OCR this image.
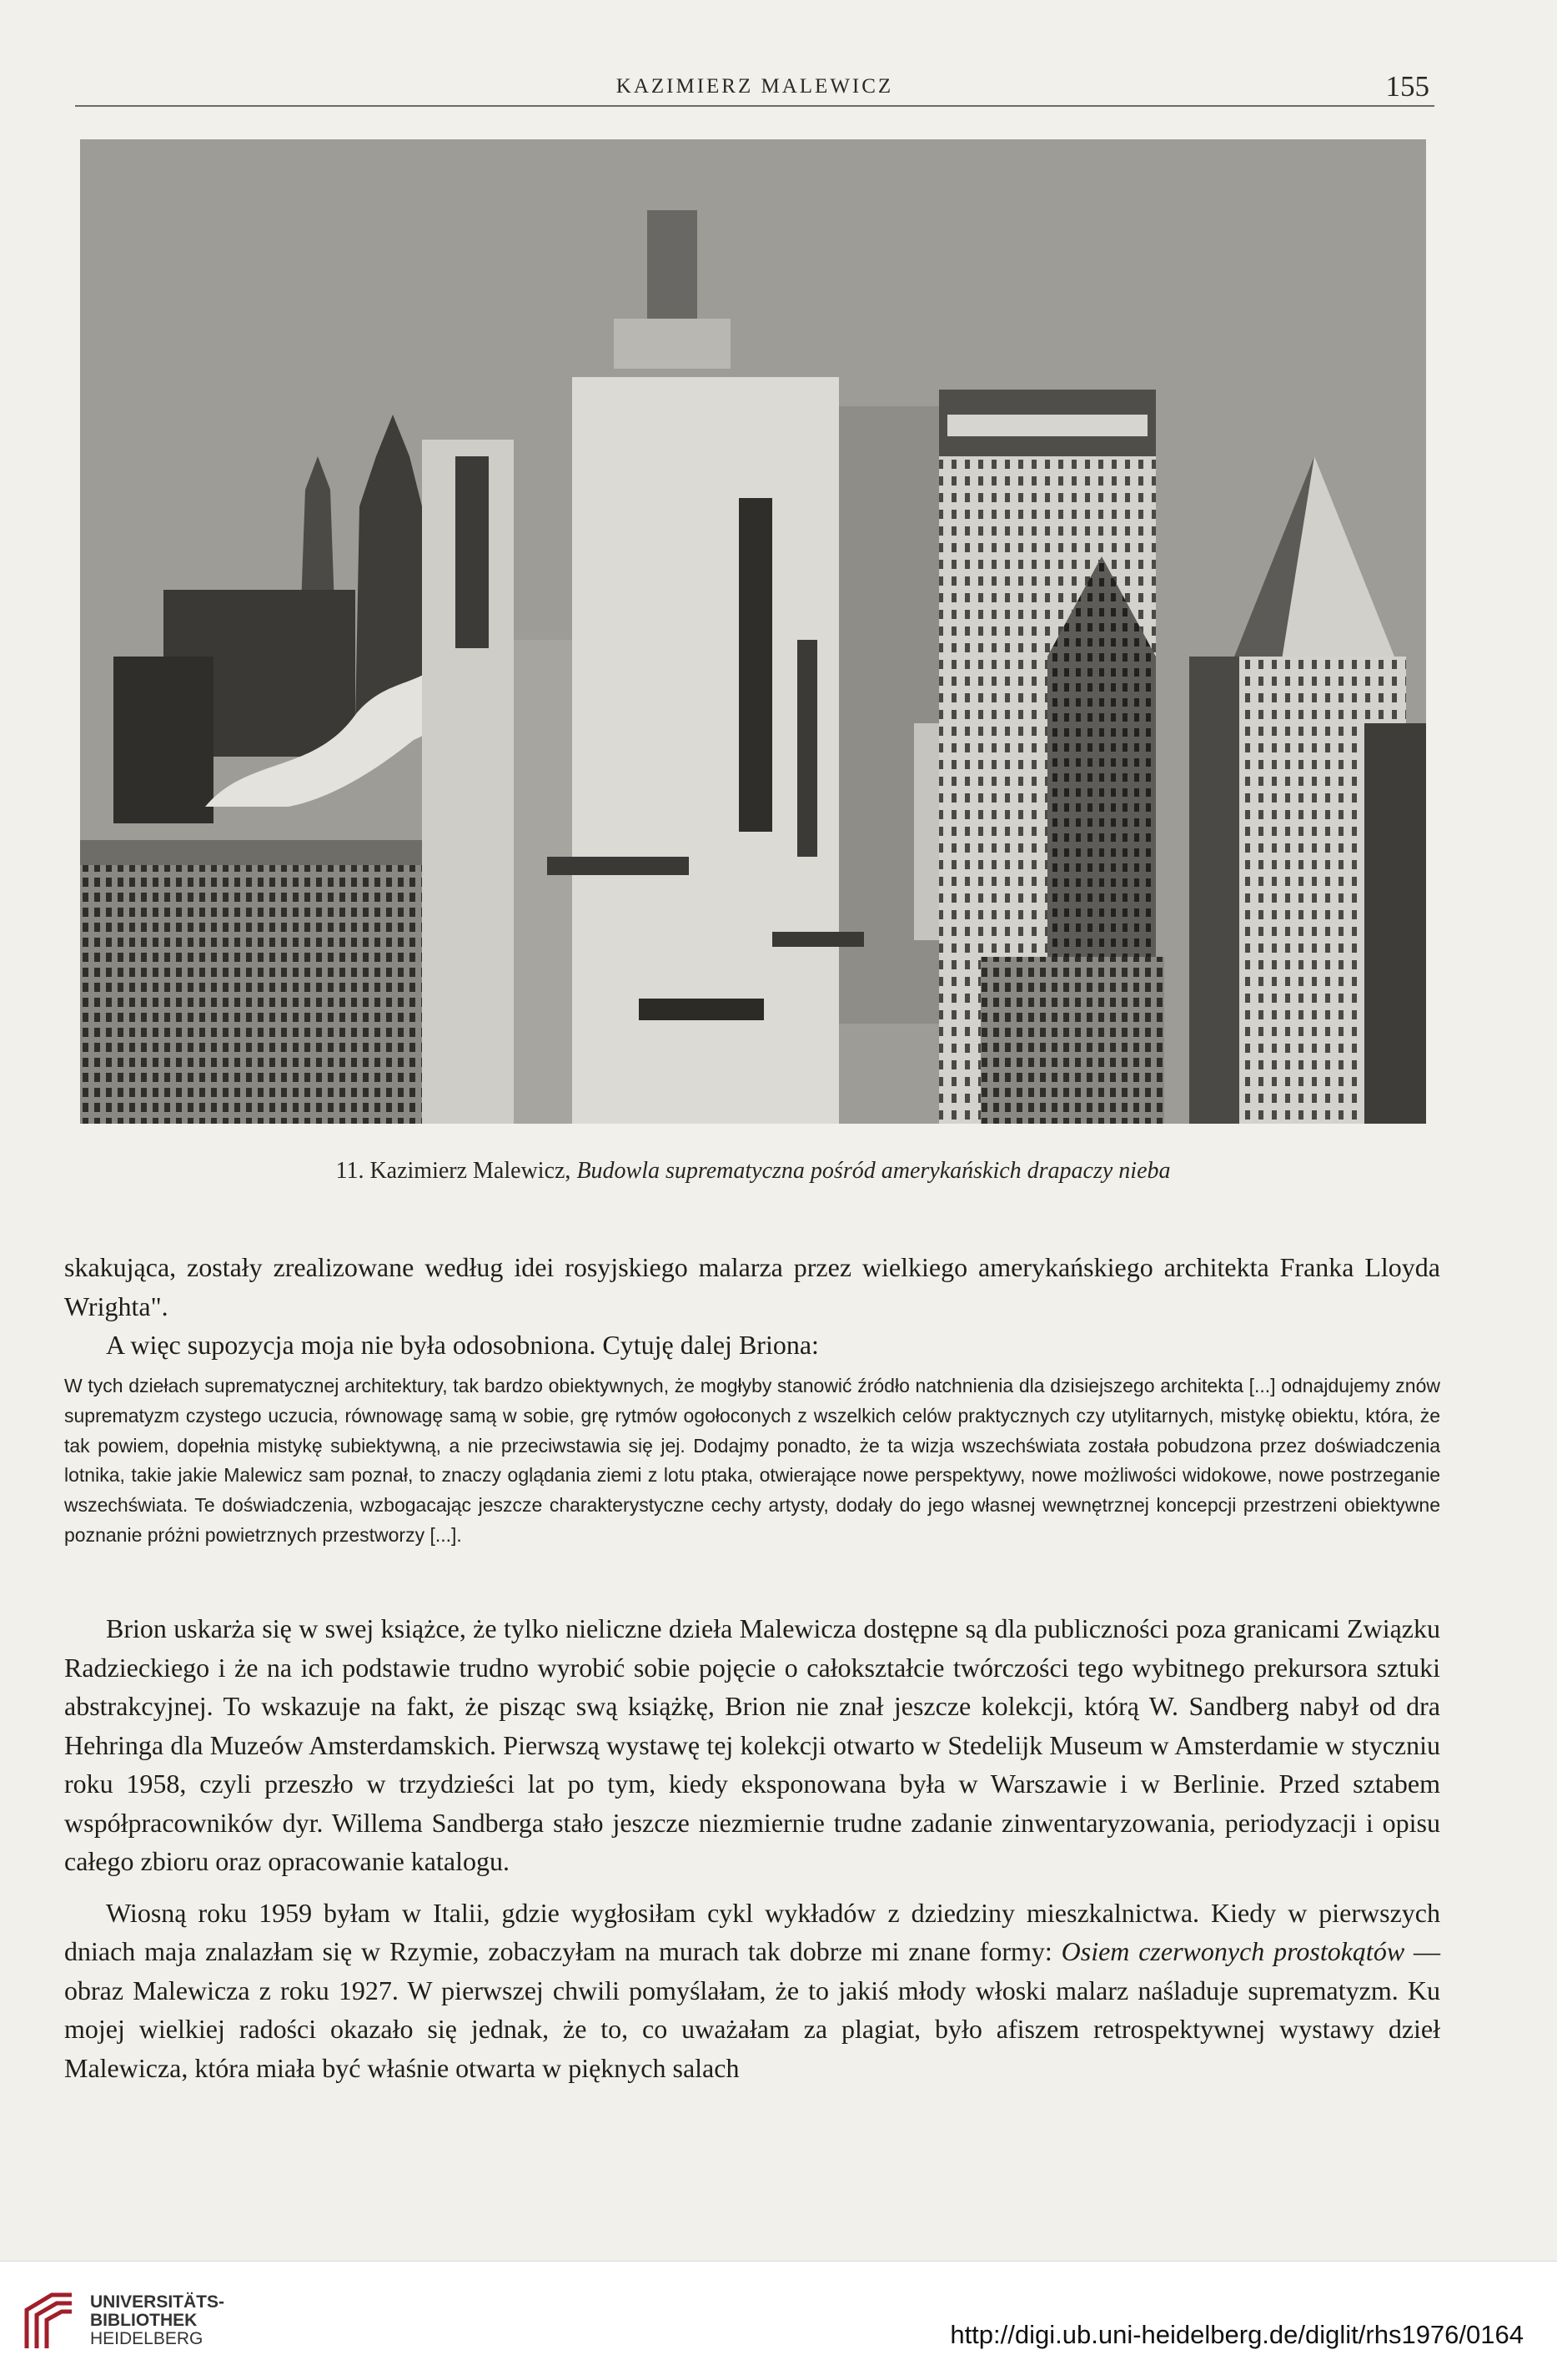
KAZIMIERZ MALEWICZ	155
11. Kazimierz Malewicz, Budowla suprematyczna pośród amerykańskich drapaczy nieba

skakująca, zostały zrealizowane według idei rosyjskiego malarza przez wielkiego amerykańskiego architekta Franka Lloyda Wrighta".

A więc supozycja moja nie była odosobniona. Cytuję dalej Briona:

W tych dziełach suprematycznej architektury, tak bardzo obiektywnych, że mogłyby stanowić źródło natchnienia dla dzisiejszego architekta [...] odnajdujemy znów suprematyzm czystego uczucia, równowagę samą w sobie, grę rytmów ogołoconych z wszelkich celów praktycznych czy utylitarnych, mistykę obiektu, która, że tak powiem, dopełnia mistykę subiektywną, a nie przeciwstawia się jej. Dodajmy ponadto, że ta wizja wszechświata została pobudzona przez doświadczenia lotnika, takie jakie Malewicz sam poznał, to znaczy oglądania ziemi z lotu ptaka, otwierające nowe perspektywy, nowe możliwości widokowe, nowe postrzeganie wszechświata. Te doświadczenia, wzbogacając jeszcze charakterystyczne cechy artysty, dodały do jego własnej wewnętrznej koncepcji przestrzeni obiektywne poznanie próżni powietrznych przestworzy [...].

Brion uskarża się w swej książce, że tylko nieliczne dzieła Malewicza dostępne są dla publiczności poza granicami Związku Radzieckiego i że na ich podstawie trudno wyrobić sobie pojęcie o całokształcie twórczości tego wybitnego prekursora sztuki abstrakcyjnej. To wskazuje na fakt, że pisząc swą książkę, Brion nie znał jeszcze kolekcji, którą W. Sandberg nabył od dra Hehringa dla Muzeów Amsterdamskich. Pierwszą wystawę tej kolekcji otwarto w Stedelijk Museum w Amsterdamie w styczniu roku 1958, czyli przeszło w trzydzieści lat po tym, kiedy eksponowana była w Warszawie i w Berlinie. Przed sztabem współpracowników dyr. Willema Sandberga stało jeszcze niezmiernie trudne zadanie zinwentaryzowania, periodyzacji i opisu całego zbioru oraz opracowanie katalogu.

Wiosną roku 1959 byłam w Italii, gdzie wygłosiłam cykl wykładów z dziedziny mieszkalnictwa. Kiedy w pierwszych dniach maja znalazłam się w Rzymie, zobaczyłam na murach tak dobrze mi znane formy: Osiem czerwonych prostokątów — obraz Malewicza z roku 1927. W pierwszej chwili pomyślałam, że to jakiś młody włoski malarz naśladuje suprematyzm. Ku mojej wielkiej radości okazało się jednak, że to, co uważałam za plagiat, było afiszem retrospektywnej wystawy dzieł Malewicza, która miała być właśnie otwarta w pięknych salach

UNIVERSITÄTS-
BIBLIOTHEK
HEIDELBERG	http://digi.ub.uni-heidelberg.de/diglit/rhs1976/0164
